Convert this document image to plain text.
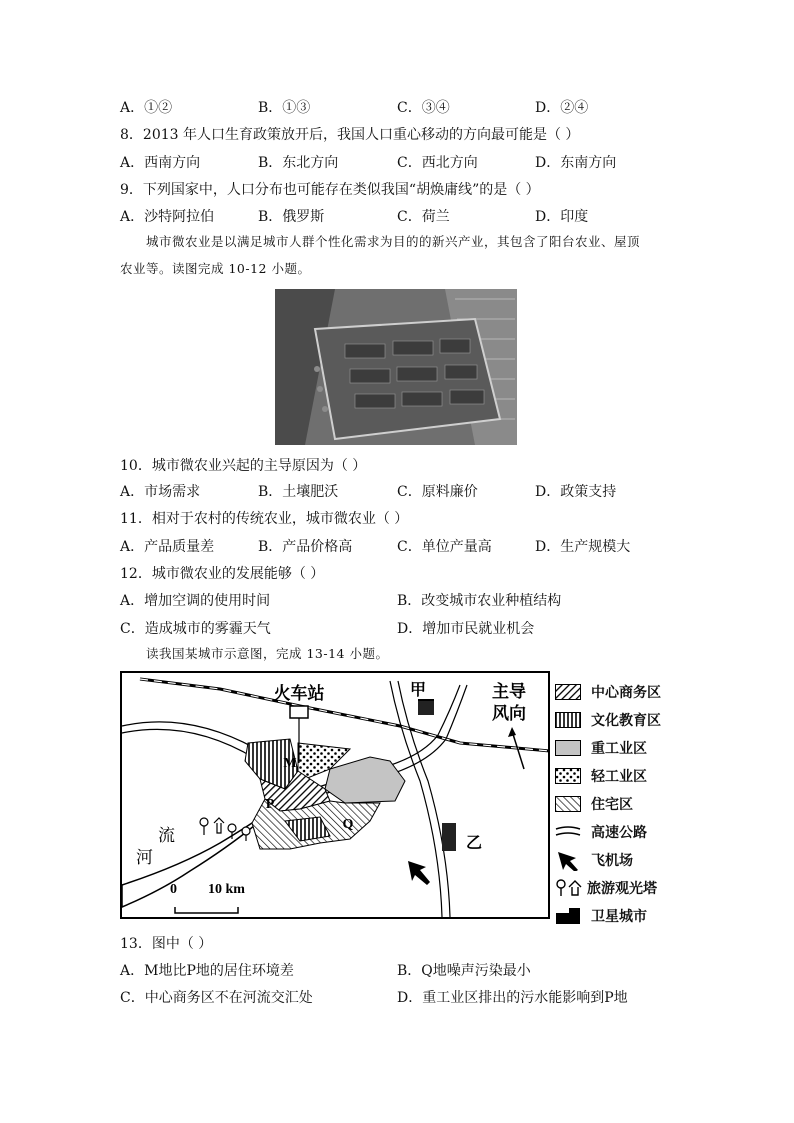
A．①②	B．①③	C．③④	D．②④
8．2013 年人口生育政策放开后，我国人口重心移动的方向最可能是（ ）
A．西南方向	B．东北方向	C．西北方向	D．东南方向
9．下列国家中，人口分布也可能存在类似我国“胡焕庸线”的是（ ）
A．沙特阿拉伯	B．俄罗斯	C．荷兰	D．印度
城市微农业是以满足城市人群个性化需求为目的的新兴产业，其包含了阳台农业、屋顶
农业等。读图完成 10-12 小题。
10．城市微农业兴起的主导原因为（ ）
A．市场需求	B．土壤肥沃	C．原料廉价	D．政策支持
11．相对于农村的传统农业，城市微农业（ ）
A．产品质量差	B．产品价格高	C．单位产量高	D．生产规模大
12．城市微农业的发展能够（ ）
A．增加空调的使用时间	B．改变城市农业种植结构
C．造成城市的雾霾天气	D．增加市民就业机会
读我国某城市示意图，完成 13-14 小题。
火车站
M
P
Q
河
流
甲
乙
主导
风向
0 10 km
中心商务区
文化教育区
重工业区
轻工业区
住宅区
高速公路
飞机场
旅游观光塔
卫星城市
13．图中（ ）
A．M地比P地的居住环境差	B．Q地噪声污染最小
C．中心商务区不在河流交汇处	D．重工业区排出的污水能影响到P地
